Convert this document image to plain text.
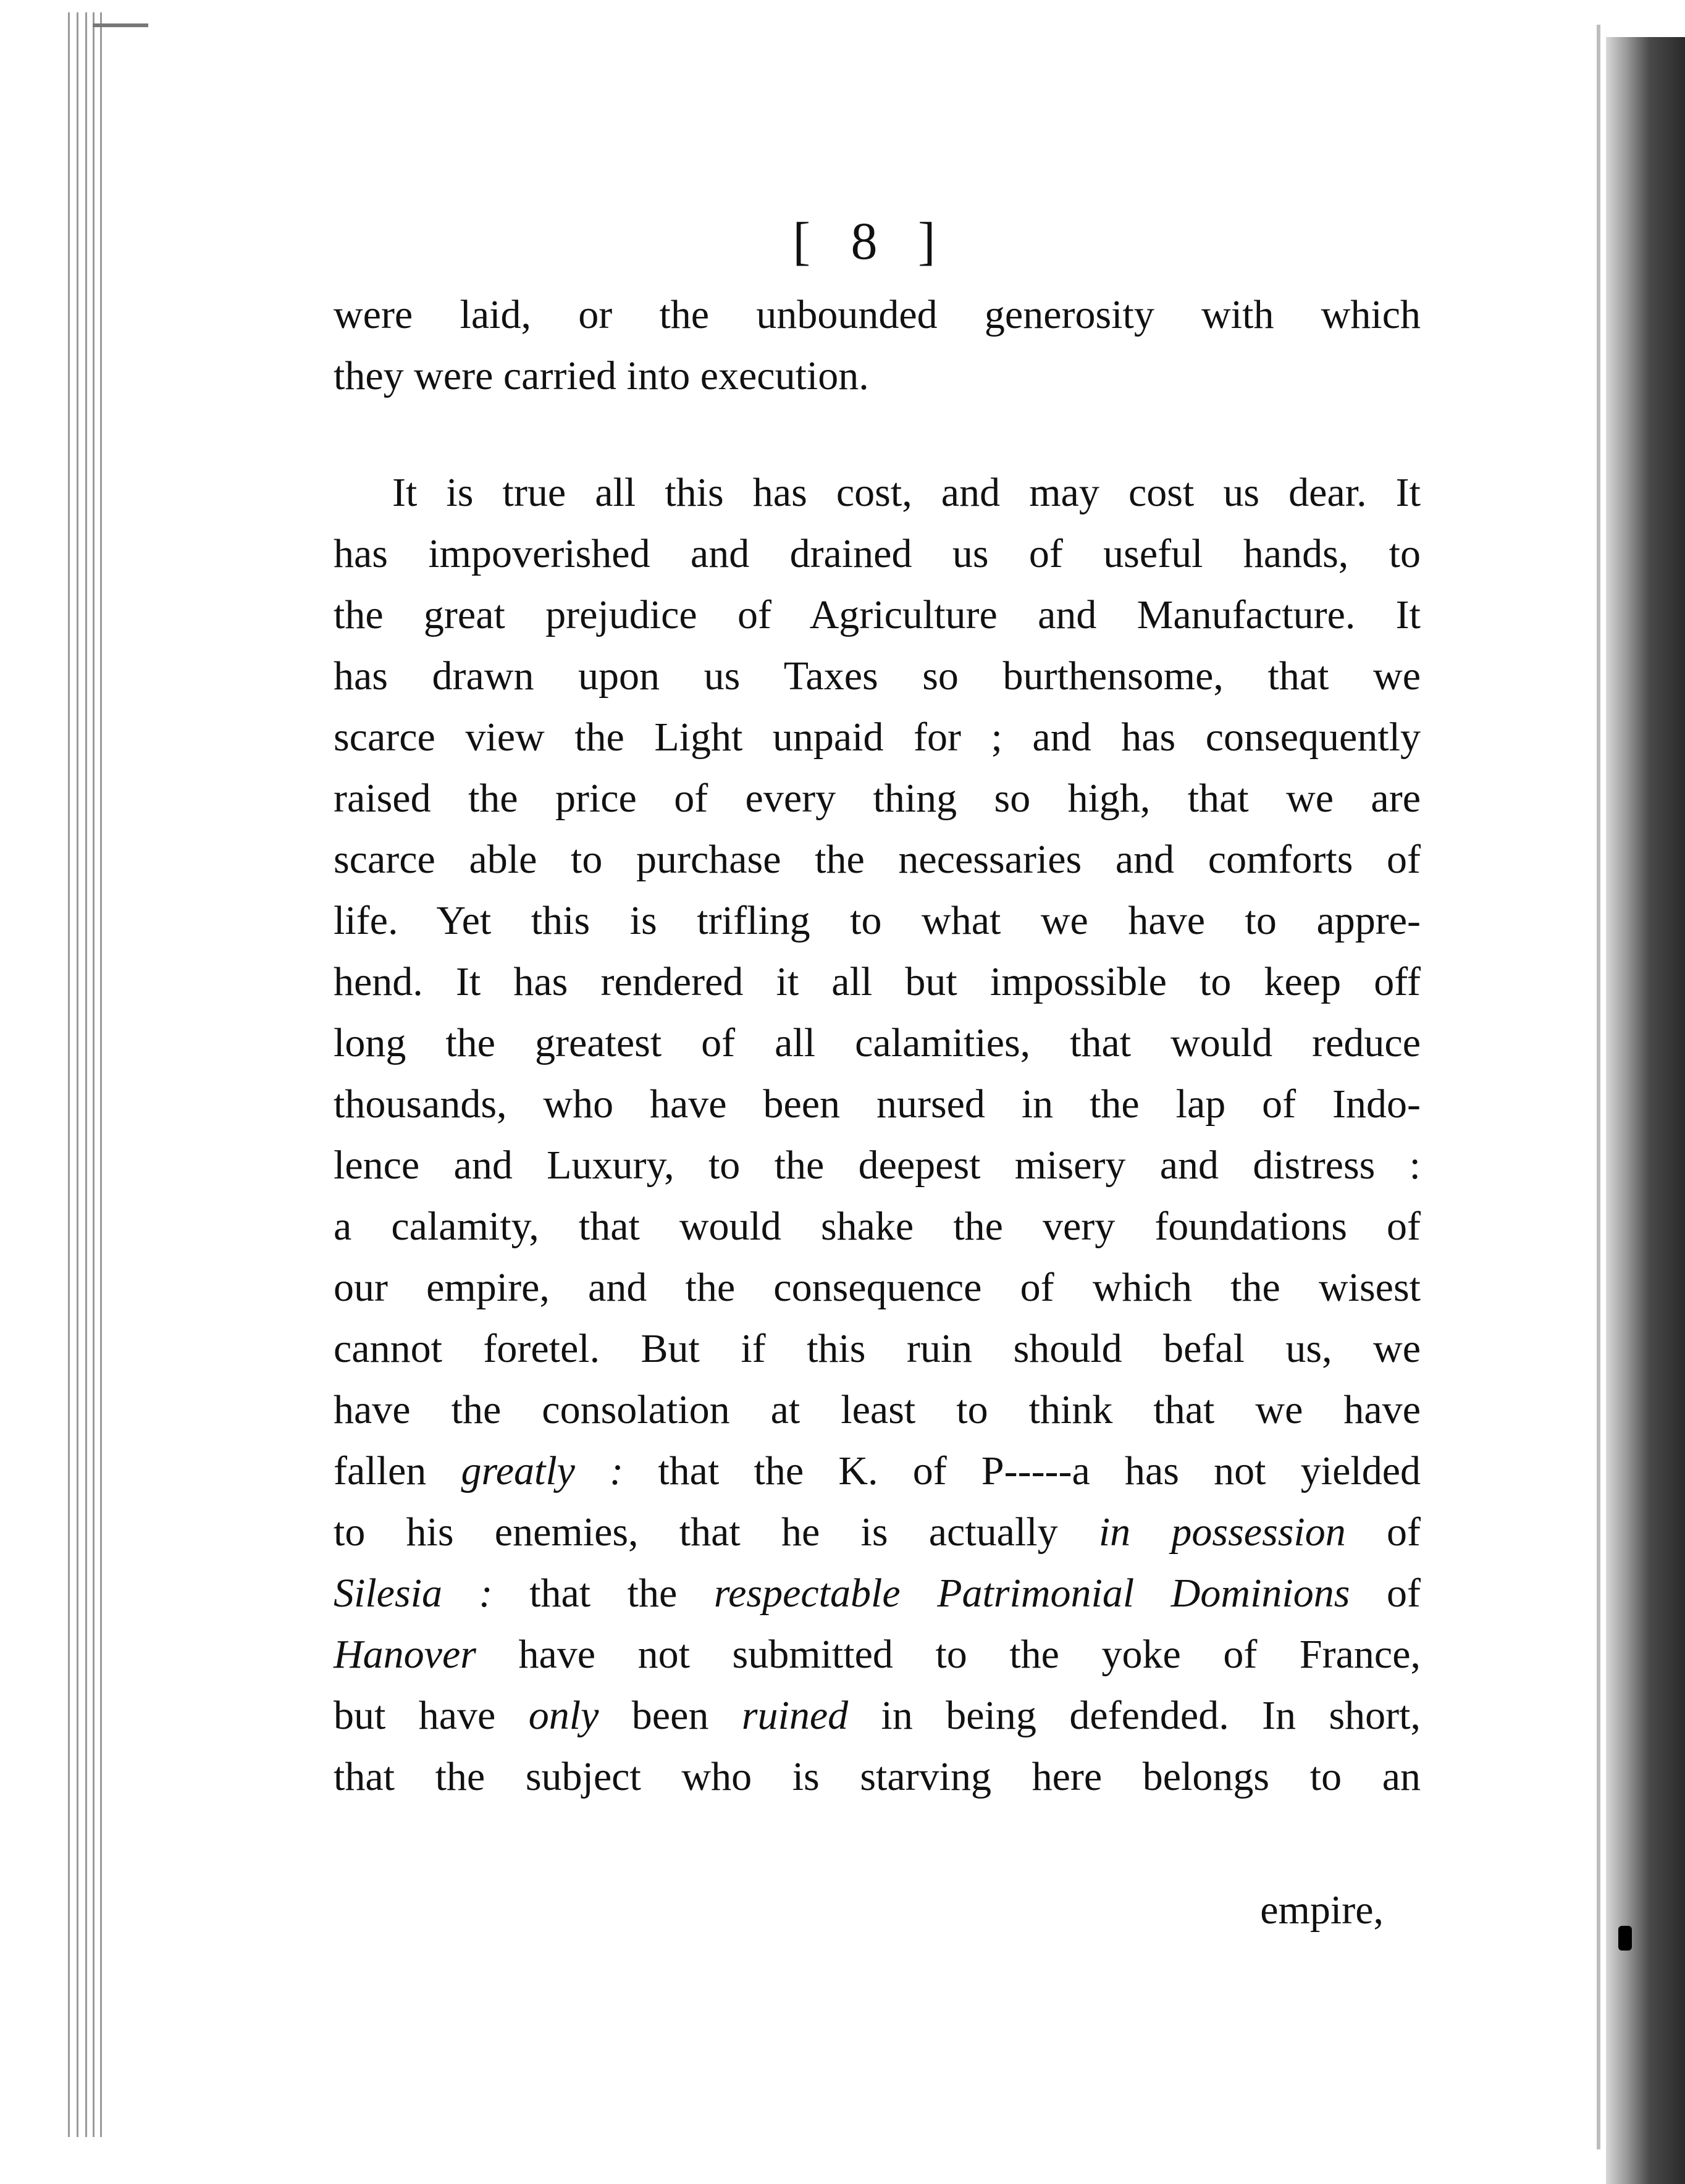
[ 8 ]
were laid, or the unbounded generosity with which
they were carried into execution.
It is true all this has cost, and may cost us dear. It
has impoverished and drained us of useful hands, to
the great prejudice of Agriculture and Manufacture. It
has drawn upon us Taxes so burthensome, that we
scarce view the Light unpaid for ; and has consequently
raised the price of every thing so high, that we are
scarce able to purchase the necessaries and comforts of
life. Yet this is trifling to what we have to appre-
hend. It has rendered it all but impossible to keep off
long the greatest of all calamities, that would reduce
thousands, who have been nursed in the lap of Indo-
lence and Luxury, to the deepest misery and distress :
a calamity, that would shake the very foundations of
our empire, and the consequence of which the wisest
cannot foretel. But if this ruin should befal us, we
have the consolation at least to think that we have
fallen greatly : that the K. of P-----a has not yielded
to his enemies, that he is actually in possession of
Silesia : that the respectable Patrimonial Dominions of
Hanover have not submitted to the yoke of France,
but have only been ruined in being defended. In short,
that the subject who is starving here belongs to an
empire,
